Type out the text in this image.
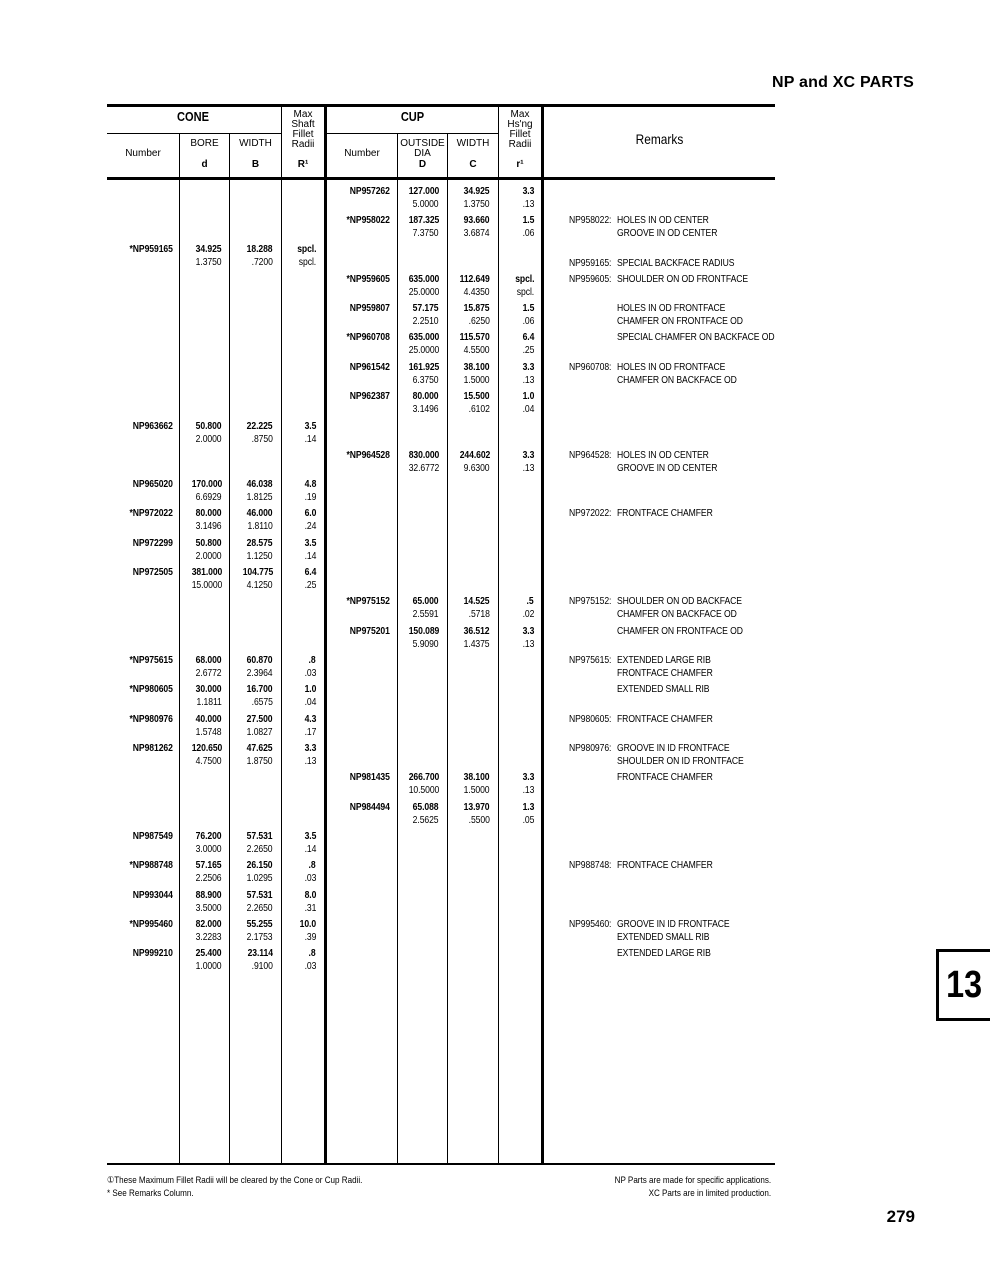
NP and XC PARTS
CONE	CUP
Remarks
Number
BORE
d
WIDTH
B
Max
Shaft
Fillet
Radii
R¹
Number
OUTSIDE
DIA
D
WIDTH
C
Max
Hs'ng
Fillet
Radii
r¹
NP957262 127.000
5.0000
34.925
1.3750
3.3
.13
*NP958022 187.325
7.3750
93.660
3.6874
1.5
.06
NP958022: HOLES IN OD CENTER
GROOVE IN OD CENTER
*NP959165 34.925
1.3750
18.288
.7200
spcl.
spcl.	NP959165: SPECIAL BACKFACE RADIUS
*NP959605 635.000
25.0000
112.649
4.4350
spcl.
spcl.
NP959605: SHOULDER ON OD FRONTFACE
NP959807 57.175
2.2510
15.875
.6250
1.5
.06
HOLES IN OD FRONTFACE
CHAMFER ON FRONTFACE OD
*NP960708 635.000
25.0000
115.570
4.5500
6.4
.25
SPECIAL CHAMFER ON BACKFACE OD
NP961542 161.925
6.3750
38.100
1.5000
3.3
.13
NP960708: HOLES IN OD FRONTFACE
CHAMFER ON BACKFACE OD
NP962387 80.000
3.1496
15.500
.6102
1.0
.04
NP963662 50.800
2.0000
22.225
.8750
3.5
.14
*NP964528 830.000
32.6772
244.602
9.6300
3.3
.13
NP964528: HOLES IN OD CENTER
GROOVE IN OD CENTER
NP965020 170.000
6.6929
46.038
1.8125
4.8
.19
*NP972022 80.000
3.1496
46.000
1.8110
6.0
.24
NP972022: FRONTFACE CHAMFER
NP972299 50.800
2.0000
28.575
1.1250
3.5
.14
NP972505 381.000
15.0000
104.775
4.1250
6.4
.25
*NP975152 65.000
2.5591
14.525
.5718
.5
.02
NP975152: SHOULDER ON OD BACKFACE
CHAMFER ON BACKFACE OD
NP975201 150.089
5.9090
36.512
1.4375
3.3
.13
CHAMFER ON FRONTFACE OD
*NP975615 68.000
2.6772
60.870
2.3964
.8
.03
NP975615: EXTENDED LARGE RIB
FRONTFACE CHAMFER
*NP980605 30.000
1.1811
16.700
.6575
1.0
.04
EXTENDED SMALL RIB
*NP980976 40.000
1.5748
27.500
1.0827
4.3
.17
NP980605: FRONTFACE CHAMFER
NP981262 120.650
4.7500
47.625
1.8750
3.3
.13
NP980976: GROOVE IN ID FRONTFACE
SHOULDER ON ID FRONTFACE
NP981435 266.700
10.5000
38.100
1.5000
3.3
.13
FRONTFACE CHAMFER
NP984494 65.088
2.5625
13.970
.5500
1.3
.05
NP987549 76.200
3.0000
57.531
2.2650
3.5
.14
*NP988748 57.165
2.2506
26.150
1.0295
.8
.03
NP988748: FRONTFACE CHAMFER
NP993044 88.900
3.5000
57.531
2.2650
8.0
.31
*NP995460 82.000
3.2283
55.255
2.1753
10.0
.39
NP995460: GROOVE IN ID FRONTFACE
EXTENDED SMALL RIB
NP999210 25.400
1.0000
23.114
.9100
.8
.03
EXTENDED LARGE RIB
①These Maximum Fillet Radii will be cleared by the Cone or Cup Radii.
* See Remarks Column.
NP Parts are made for specific applications.
XC Parts are in limited production.
279
13
